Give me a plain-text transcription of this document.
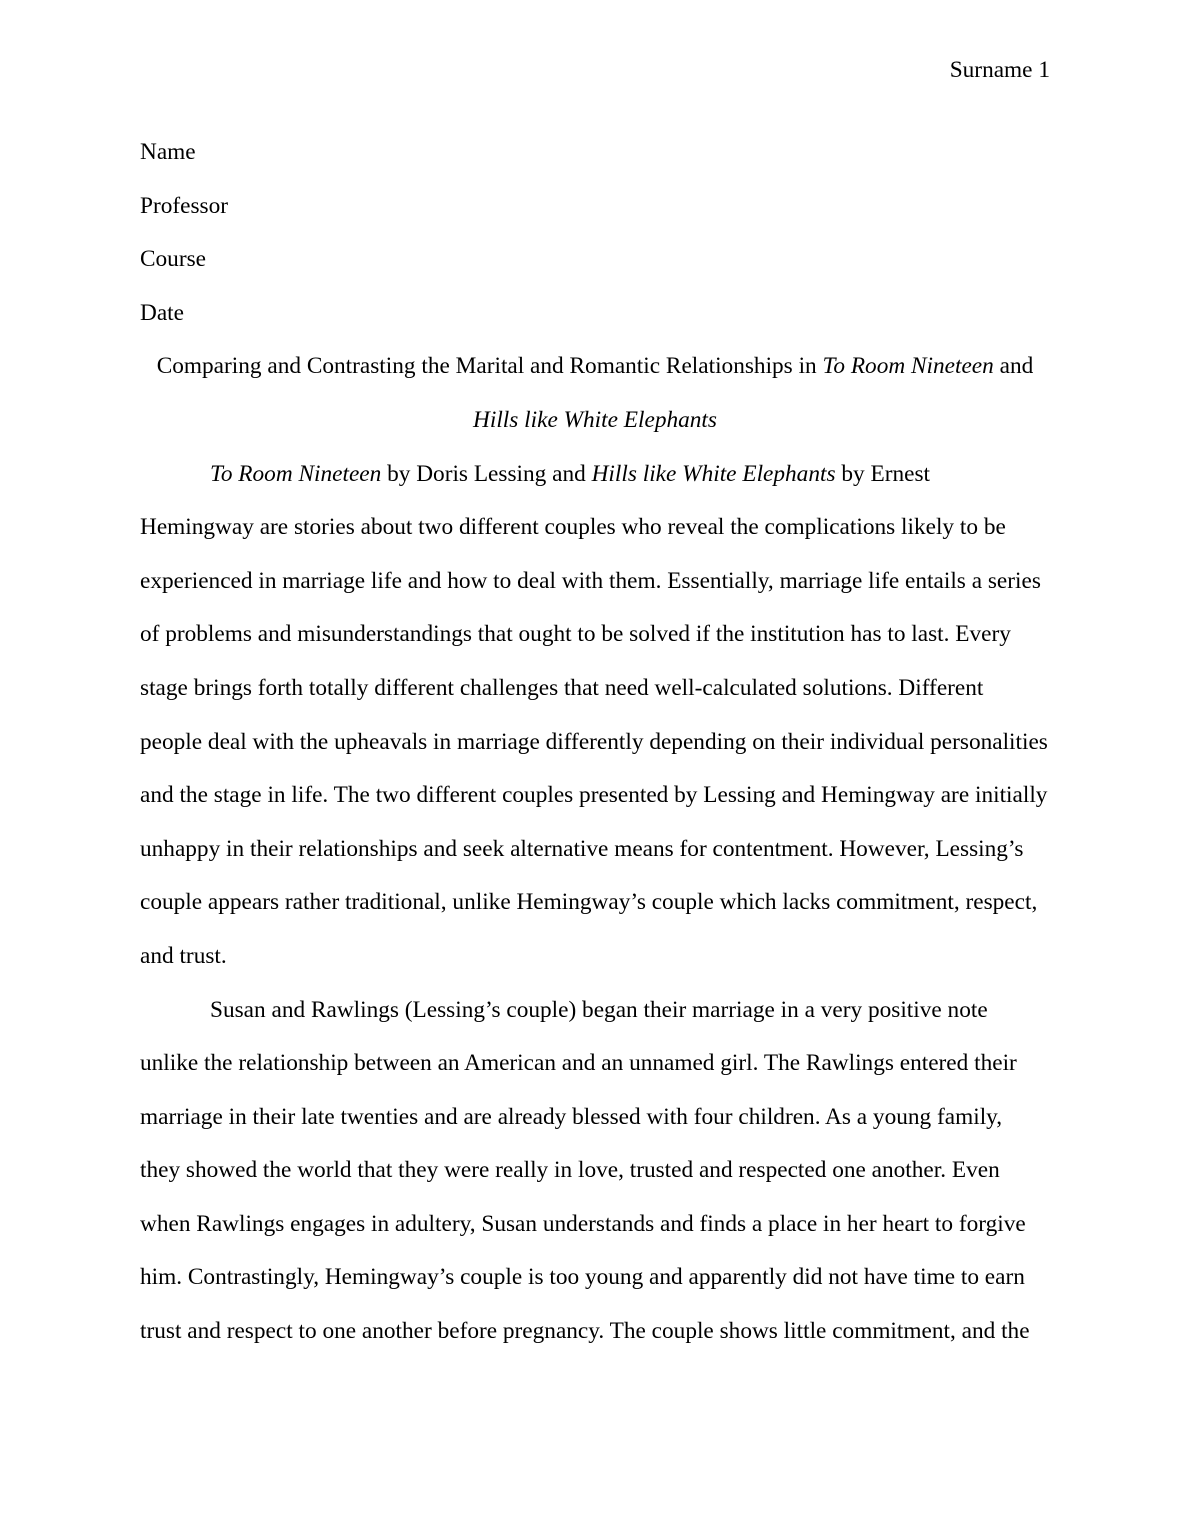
Surname 1
Name
Professor
Course
Date
Comparing and Contrasting the Marital and Romantic Relationships in To Room Nineteen and
Hills like White Elephants
To Room Nineteen by Doris Lessing and Hills like White Elephants by Ernest
Hemingway are stories about two different couples who reveal the complications likely to be
experienced in marriage life and how to deal with them. Essentially, marriage life entails a series
of problems and misunderstandings that ought to be solved if the institution has to last. Every
stage brings forth totally different challenges that need well-calculated solutions. Different
people deal with the upheavals in marriage differently depending on their individual personalities
and the stage in life. The two different couples presented by Lessing and Hemingway are initially
unhappy in their relationships and seek alternative means for contentment. However, Lessing’s
couple appears rather traditional, unlike Hemingway’s couple which lacks commitment, respect,
and trust.
Susan and Rawlings (Lessing’s couple) began their marriage in a very positive note
unlike the relationship between an American and an unnamed girl. The Rawlings entered their
marriage in their late twenties and are already blessed with four children. As a young family,
they showed the world that they were really in love, trusted and respected one another. Even
when Rawlings engages in adultery, Susan understands and finds a place in her heart to forgive
him. Contrastingly, Hemingway’s couple is too young and apparently did not have time to earn
trust and respect to one another before pregnancy. The couple shows little commitment, and the
